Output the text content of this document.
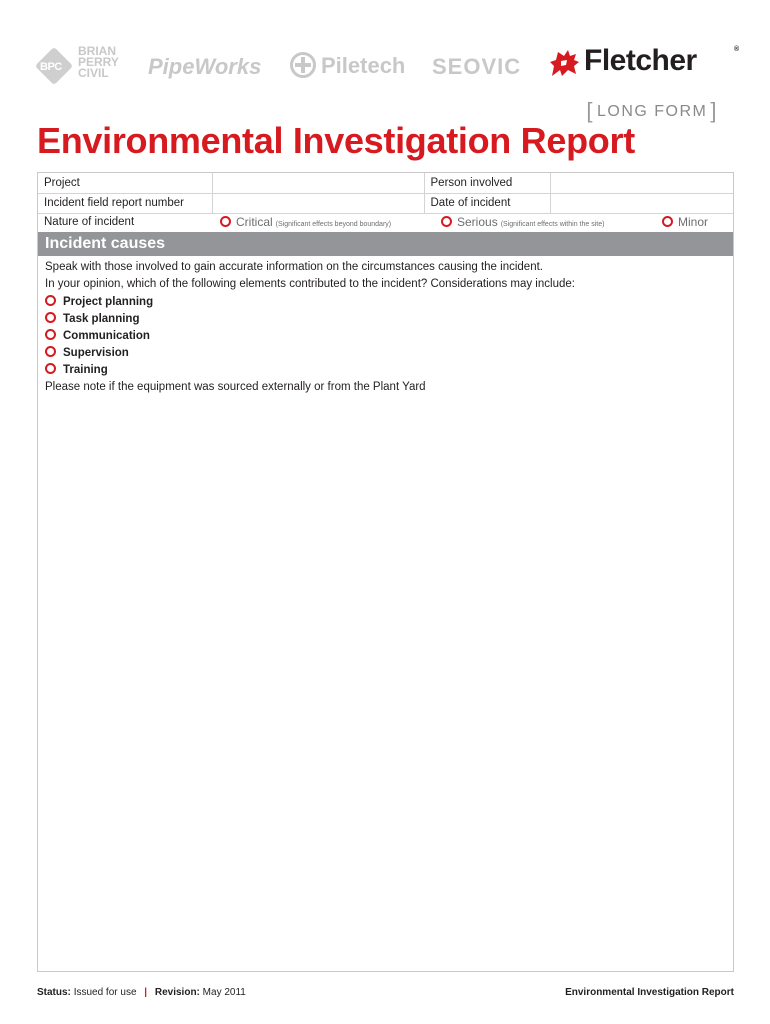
BPC
BRIAN
PERRY
CIVIL	PipeWorks	Piletech SEOVIC Fletcher	®
[ LONG FORM ]
Environmental Investigation Report
Project		Person involved	
Incident field report number		Date of incident	
Nature of incident	Critical (Significant effects beyond boundary)	Serious (Significant effects within the site)	Minor
Incident causes

Speak with those involved to gain accurate information on the circumstances causing the incident.

In your opinion, which of the following elements contributed to the incident? Considerations may include:

Project planning
Task planning
Communication
Supervision
Training

Please note if the equipment was sourced externally or from the Plant Yard

Status: Issued for use | Revision: May 2011	Environmental Investigation Report
